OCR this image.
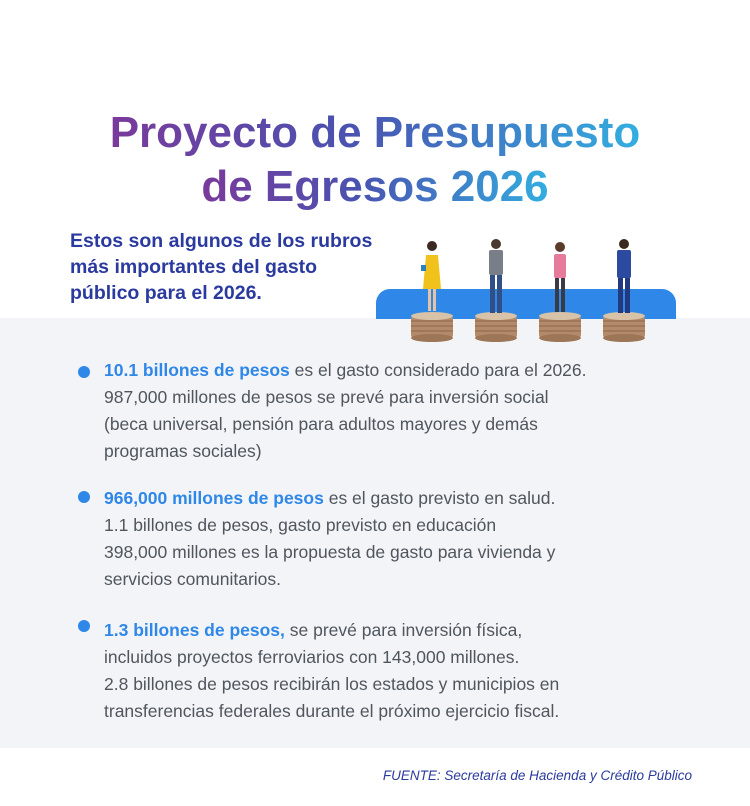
Proyecto de Presupuesto
de Egresos 2026

Estos son algunos de los rubros
más importantes del gasto
público para el 2026.

10.1 billones de pesos es el gasto considerado para el 2026.
987,000 millones de pesos se prevé para inversión social
(beca universal, pensión para adultos mayores y demás
programas sociales)

966,000 millones de pesos es el gasto previsto en salud.
1.1 billones de pesos, gasto previsto en educación
398,000 millones es la propuesta de gasto para vivienda y
servicios comunitarios.

1.3 billones de pesos, se prevé para inversión física,
incluidos proyectos ferroviarios con 143,000 millones.
2.8 billones de pesos recibirán los estados y municipios en
transferencias federales durante el próximo ejercicio fiscal.

FUENTE: Secretaría de Hacienda y Crédito Público
